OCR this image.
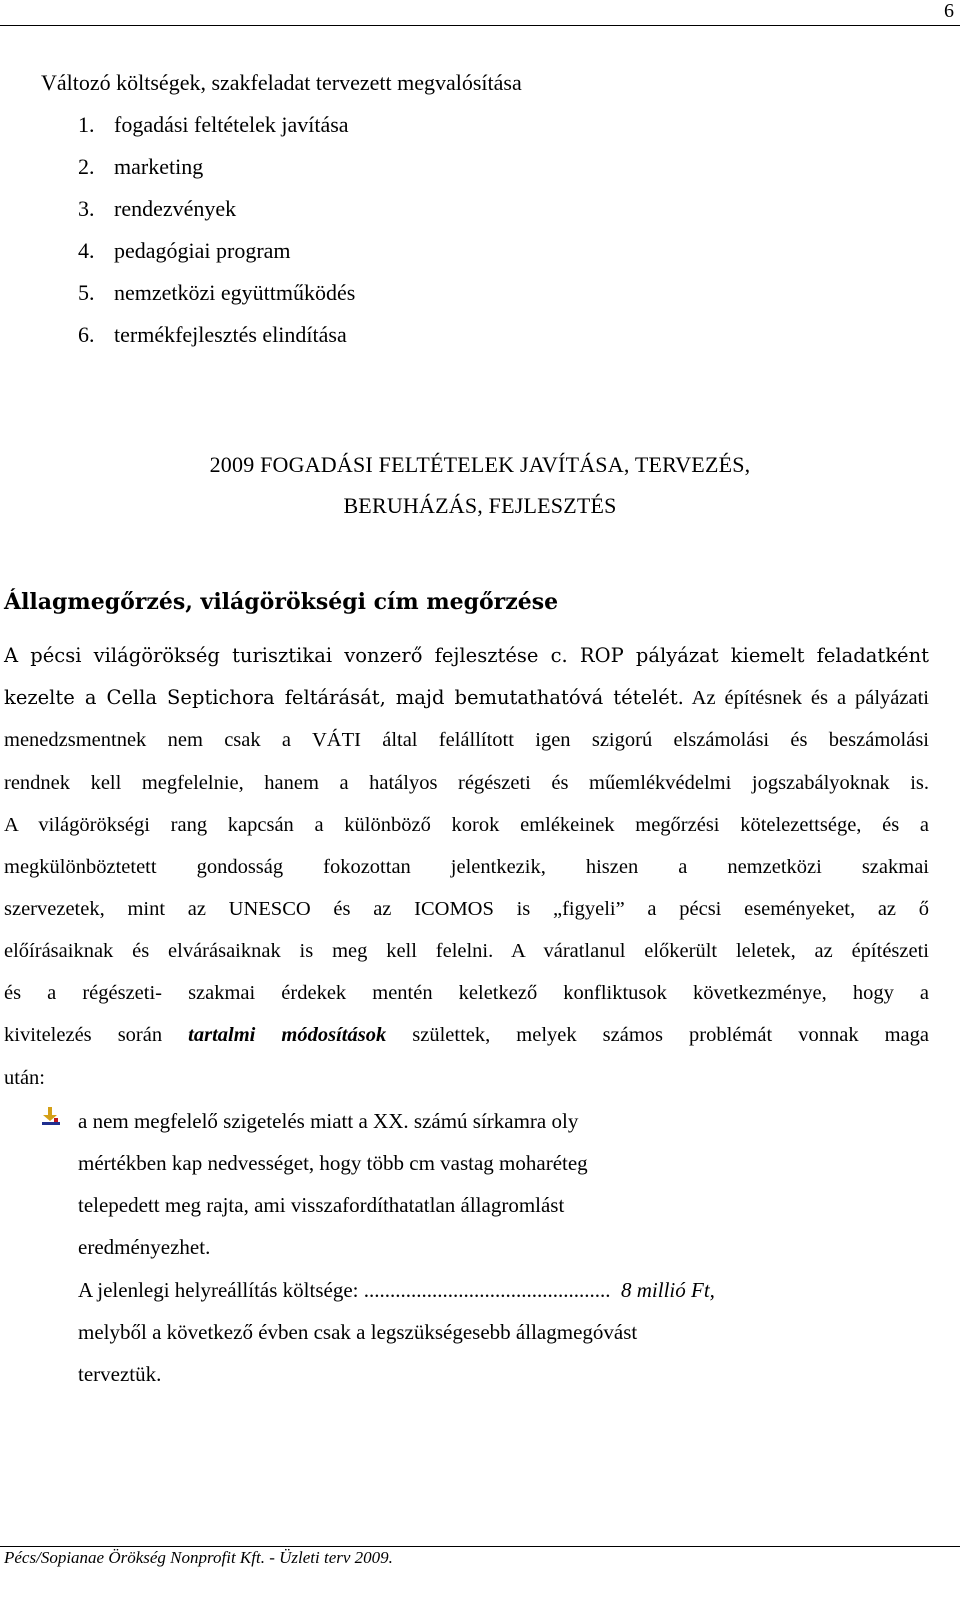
6
Változó költségek, szakfeladat tervezett megvalósítása
1. fogadási feltételek javítása
2. marketing
3. rendezvények
4. pedagógiai program
5. nemzetközi együttműködés
6. termékfejlesztés elindítása
2009 FOGADÁSI FELTÉTELEK JAVÍTÁSA, TERVEZÉS,
BERUHÁZÁS, FEJLESZTÉS
Állagmegőrzés, világörökségi cím megőrzése
A pécsi világörökség turisztikai vonzerő fejlesztése c. ROP pályázat kiemelt feladatként
kezelte a Cella Septichora feltárását, majd bemutathatóvá tételét. Az építésnek és a pályázati
menedzsmentnek nem csak a VÁTI által felállított igen szigorú elszámolási és beszámolási
rendnek kell megfelelnie, hanem a hatályos régészeti és műemlékvédelmi jogszabályoknak is.
A világörökségi rang kapcsán a különböző korok emlékeinek megőrzési kötelezettsége, és a
megkülönböztetett gondosság fokozottan jelentkezik, hiszen a nemzetközi szakmai
szervezetek, mint az UNESCO és az ICOMOS is „figyeli” a pécsi eseményeket, az ő
előírásaiknak és elvárásaiknak is meg kell felelni. A váratlanul előkerült leletek, az építészeti
és a régészeti- szakmai érdekek mentén keletkező konfliktusok következménye, hogy a
kivitelezés során tartalmi módosítások születtek, melyek számos problémát vonnak maga
után:
a nem megfelelő szigetelés miatt a XX. számú sírkamra oly
mértékben kap nedvességet, hogy több cm vastag moharéteg
telepedett meg rajta, ami visszafordíthatatlan állagromlást
eredményezhet.
A jelenlegi helyreállítás költsége: ............................................... 8 millió Ft,
melyből a következő évben csak a legszükségesebb állagmegóvást
terveztük.
Pécs/Sopianae Örökség Nonprofit Kft. - Üzleti terv 2009.
